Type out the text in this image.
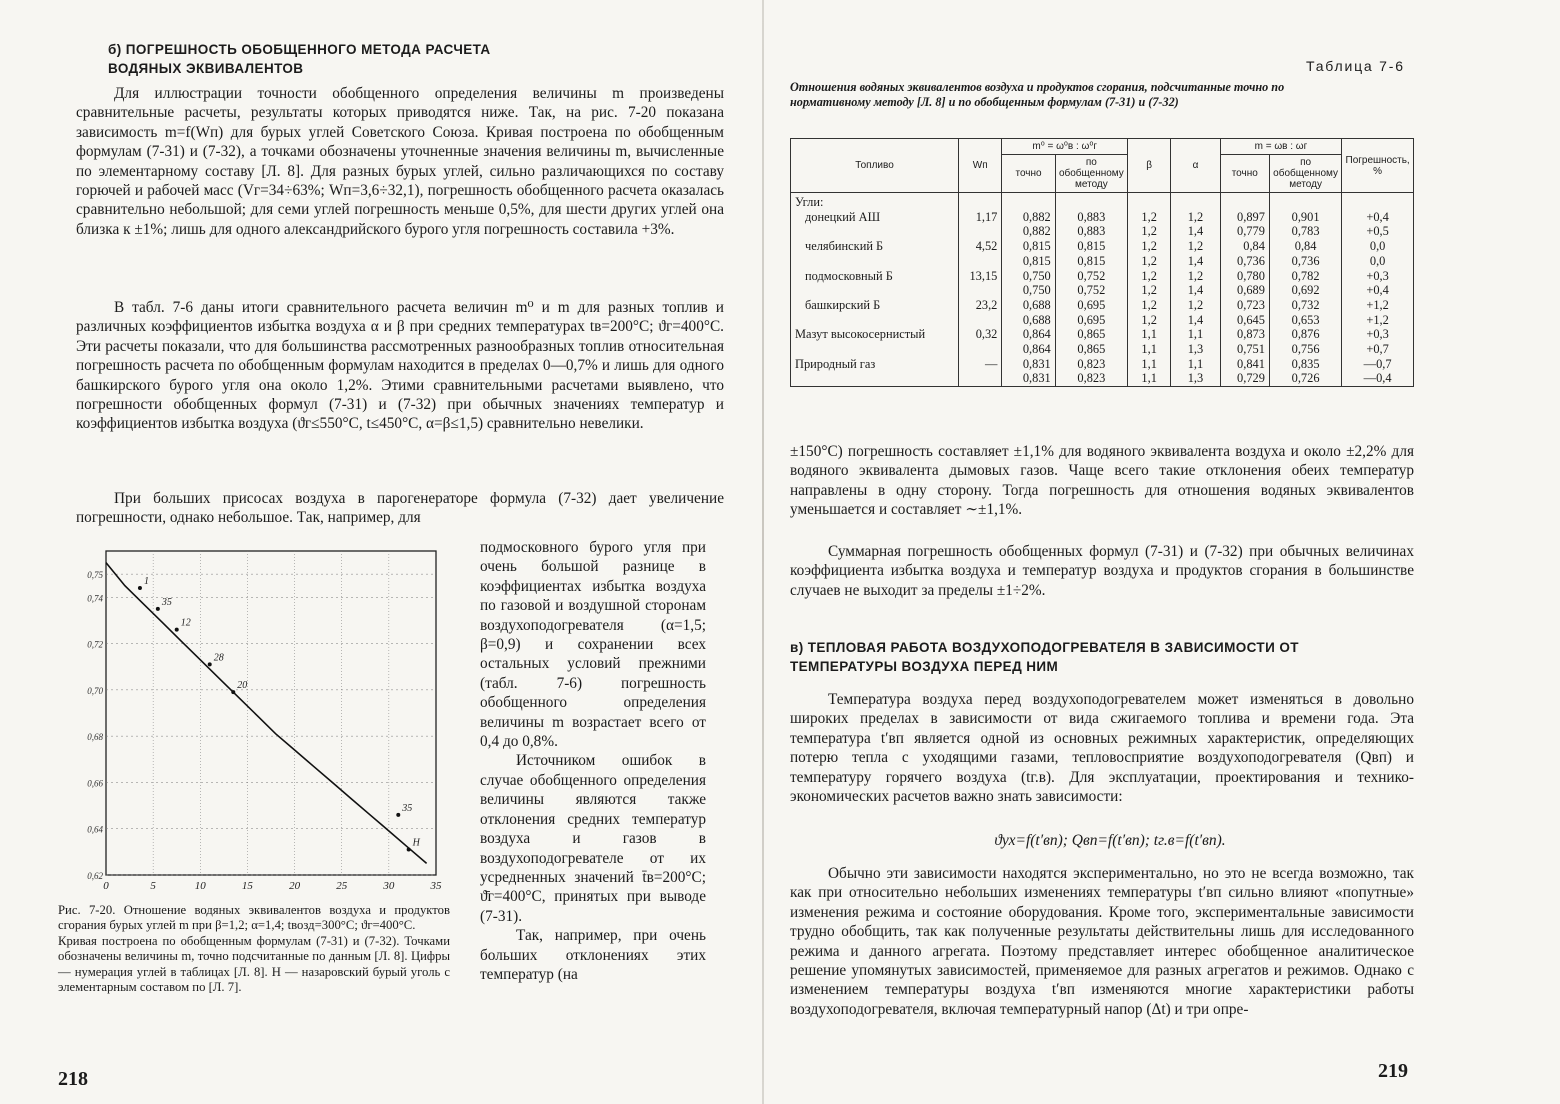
б) ПОГРЕШНОСТЬ ОБОБЩЕННОГО МЕТОДА РАСЧЕТА ВОДЯНЫХ ЭКВИВАЛЕНТОВ
Для иллюстрации точности обобщенного определения величины m произведены сравнительные расчеты, результаты которых приводятся ниже. Так, на рис. 7-20 показана зависимость m=f(Wп) для бурых углей Советского Союза. Кривая построена по обобщенным формулам (7-31) и (7-32), а точками обозначены уточненные значения величины m, вычисленные по элементарному составу [Л. 8]. Для разных бурых углей, сильно различающихся по составу горючей и рабочей масс (Vг=34÷63%; Wп=3,6÷32,1), погрешность обобщенного расчета оказалась сравнительно небольшой; для семи углей погрешность меньше 0,5%, для шести других углей она близка к ±1%; лишь для одного александрийского бурого угля погрешность составила +3%.
В табл. 7-6 даны итоги сравнительного расчета величин m⁰ и m для разных топлив и различных коэффициентов избытка воздуха α и β при средних температурах tв=200°C; ϑг=400°C. Эти расчеты показали, что для большинства рассмотренных разнообразных топлив относительная погрешность расчета по обобщенным формулам находится в пределах 0—0,7% и лишь для одного башкирского бурого угля она около 1,2%. Этими сравнительными расчетами выявлено, что погрешности обобщенных формул (7-31) и (7-32) при обычных значениях температур и коэффициентов избытка воздуха (ϑг≤550°C, t≤450°C, α=β≤1,5) сравнительно невелики.
При больших присосах воздуха в парогенераторе формула (7-32) дает увеличение погрешности, однако небольшое. Так, например, для
0	5	10	15	20	25	30	35
0,62
0,64
0,66
0,68
0,70
0,72
0,74
0,75
1
35
12
28
20
35
Н

Рис. 7-20. Отношение водяных эквивалентов воздуха и продуктов сгорания бурых углей m при β=1,2; α=1,4; tвозд=300°C; ϑг=400°C.

Кривая построена по обобщенным формулам (7-31) и (7-32). Точками обозначены величины m, точно подсчитанные по данным [Л. 8]. Цифры — нумерация углей в таблицах [Л. 8]. Н — назаровский бурый уголь с элементарным составом по [Л. 7].

подмосковного бурого угля при очень большой разнице в коэффициентах избытка воздуха по газовой и воздушной сторонам воздухоподогревателя (α=1,5; β=0,9) и сохранении всех остальных условий прежними (табл. 7-6) погрешность обобщенного определения величины m возрастает всего от 0,4 до 0,8%.

Источником ошибок в случае обобщенного определения величины являются также отклонения средних температур воздуха и газов в воздухоподогревателе от их усредненных значений t̄в=200°C; ϑ̄г=400°C, принятых при выводе (7-31).

Так, например, при очень больших отклонениях этих температур (на

218
Таблица 7-6
Отношения водяных эквивалентов воздуха и продуктов сгорания, подсчитанные точно по нормативному методу [Л. 8] и по обобщенным формулам (7-31) и (7-32)
Топливо	Wп	m⁰ = ω⁰в : ω⁰г		β	α	m = ωв : ωг		Погрешность, %
		точно	по обобщенному методу			точно	по обобщенному методу	
Угли:								
донецкий АШ	1,17	0,882	0,883	1,2	1,2	0,897	0,901	+0,4
		0,882	0,883	1,2	1,4	0,779	0,783	+0,5
челябинский Б	4,52	0,815	0,815	1,2	1,2	0,84	0,84	0,0
		0,815	0,815	1,2	1,4	0,736	0,736	0,0
подмосковный Б	13,15	0,750	0,752	1,2	1,2	0,780	0,782	+0,3
		0,750	0,752	1,2	1,4	0,689	0,692	+0,4
башкирский Б	23,2	0,688	0,695	1,2	1,2	0,723	0,732	+1,2
		0,688	0,695	1,2	1,4	0,645	0,653	+1,2
Мазут высокосернистый	0,32	0,864	0,865	1,1	1,1	0,873	0,876	+0,3
		0,864	0,865	1,1	1,3	0,751	0,756	+0,7
Природный газ	—	0,831	0,823	1,1	1,1	0,841	0,835	—0,7
		0,831	0,823	1,1	1,3	0,729	0,726	—0,4
±150°C) погрешность составляет ±1,1% для водяного эквивалента воздуха и около ±2,2% для водяного эквивалента дымовых газов. Чаще всего такие отклонения обеих температур направлены в одну сторону. Тогда погрешность для отношения водяных эквивалентов уменьшается и составляет ∼±1,1%.
Суммарная погрешность обобщенных формул (7-31) и (7-32) при обычных величинах коэффициента избытка воздуха и температур воздуха и продуктов сгорания в большинстве случаев не выходит за пределы ±1÷2%.
в) ТЕПЛОВАЯ РАБОТА ВОЗДУХОПОДОГРЕВАТЕЛЯ В ЗАВИСИМОСТИ ОТ ТЕМПЕРАТУРЫ ВОЗДУХА ПЕРЕД НИМ
Температура воздуха перед воздухоподогревателем может изменяться в довольно широких пределах в зависимости от вида сжигаемого топлива и времени года. Эта температура t′вп является одной из основных режимных характеристик, определяющих потерю тепла с уходящими газами, тепловосприятие воздухоподогревателя (Qвп) и температуру горячего воздуха (tг.в). Для эксплуатации, проектирования и технико-экономических расчетов важно знать зависимости:
ϑух=f(t′вп); Qвп=f(t′вп); tг.в=f(t′вп).
Обычно эти зависимости находятся экспериментально, но это не всегда возможно, так как при относительно небольших изменениях температуры t′вп сильно влияют «попутные» изменения режима и состояние оборудования. Кроме того, экспериментальные зависимости трудно обобщить, так как полученные результаты действительны лишь для исследованного режима и данного агрегата. Поэтому представляет интерес обобщенное аналитическое решение упомянутых зависимостей, применяемое для разных агрегатов и режимов. Однако с изменением температуры воздуха t′вп изменяются многие характеристики работы воздухоподогревателя, включая температурный напор (Δt) и три опре-
219
